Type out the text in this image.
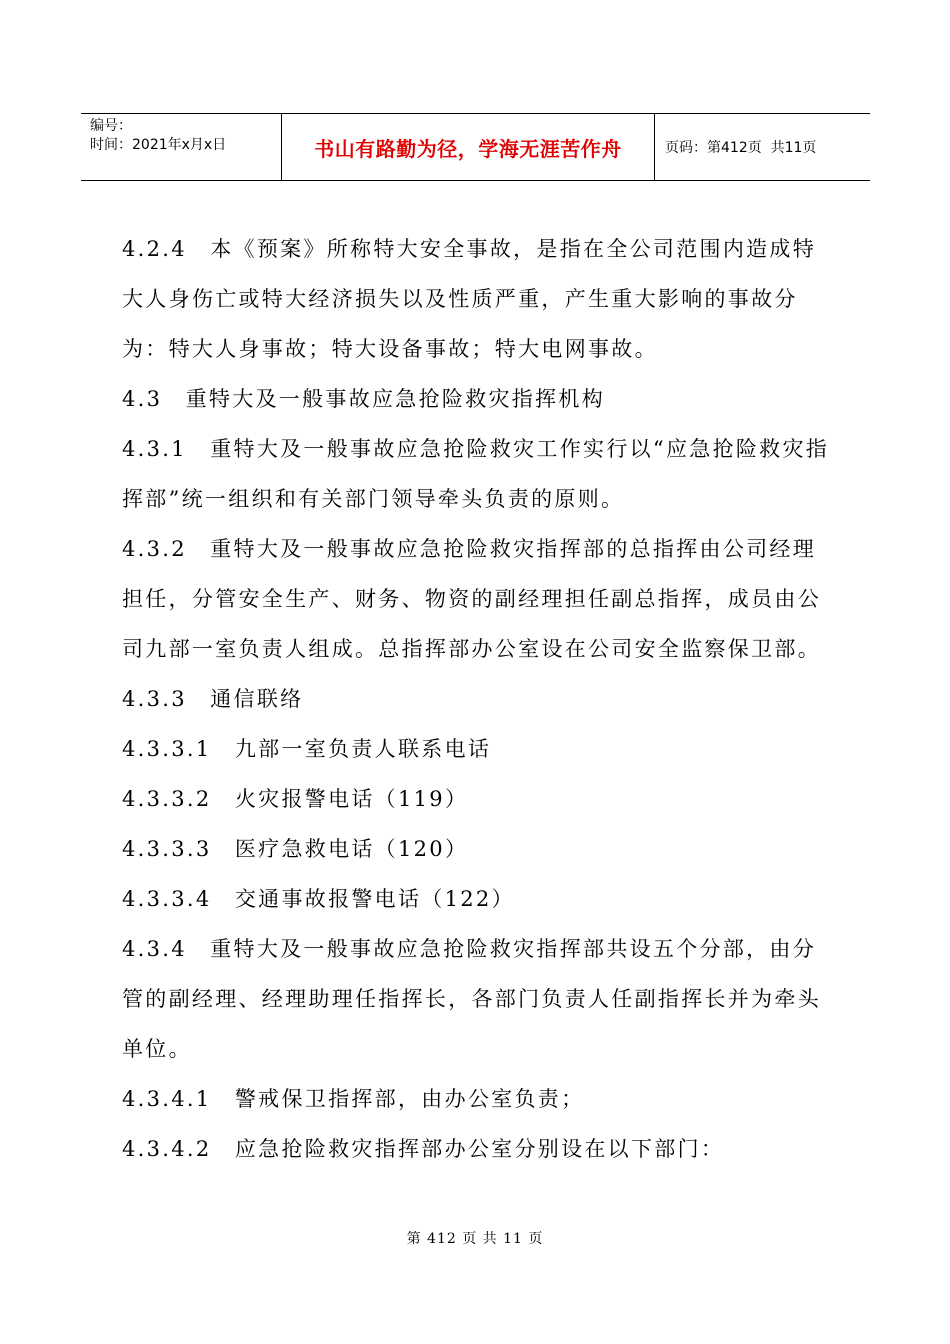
编号：
时间：2021年x月x日	书山有路勤为径，学海无涯苦作舟	页码：第412页  共11页

4.2.4　本《预案》所称特大安全事故，是指在全公司范围内造成特大人身伤亡或特大经济损失以及性质严重，产生重大影响的事故分为：特大人身事故；特大设备事故；特大电网事故。

4.3　重特大及一般事故应急抢险救灾指挥机构

4.3.1　重特大及一般事故应急抢险救灾工作实行以“应急抢险救灾指挥部”统一组织和有关部门领导牵头负责的原则。

4.3.2　重特大及一般事故应急抢险救灾指挥部的总指挥由公司经理担任，分管安全生产、财务、物资的副经理担任副总指挥，成员由公司九部一室负责人组成。总指挥部办公室设在公司安全监察保卫部。

4.3.3　通信联络

4.3.3.1　九部一室负责人联系电话

4.3.3.2　火灾报警电话（119）

4.3.3.3　医疗急救电话（120）

4.3.3.4　交通事故报警电话（122）

4.3.4　重特大及一般事故应急抢险救灾指挥部共设五个分部，由分管的副经理、经理助理任指挥长，各部门负责人任副指挥长并为牵头单位。

4.3.4.1　警戒保卫指挥部，由办公室负责；

4.3.4.2　应急抢险救灾指挥部办公室分别设在以下部门：

第 412 页 共 11 页
